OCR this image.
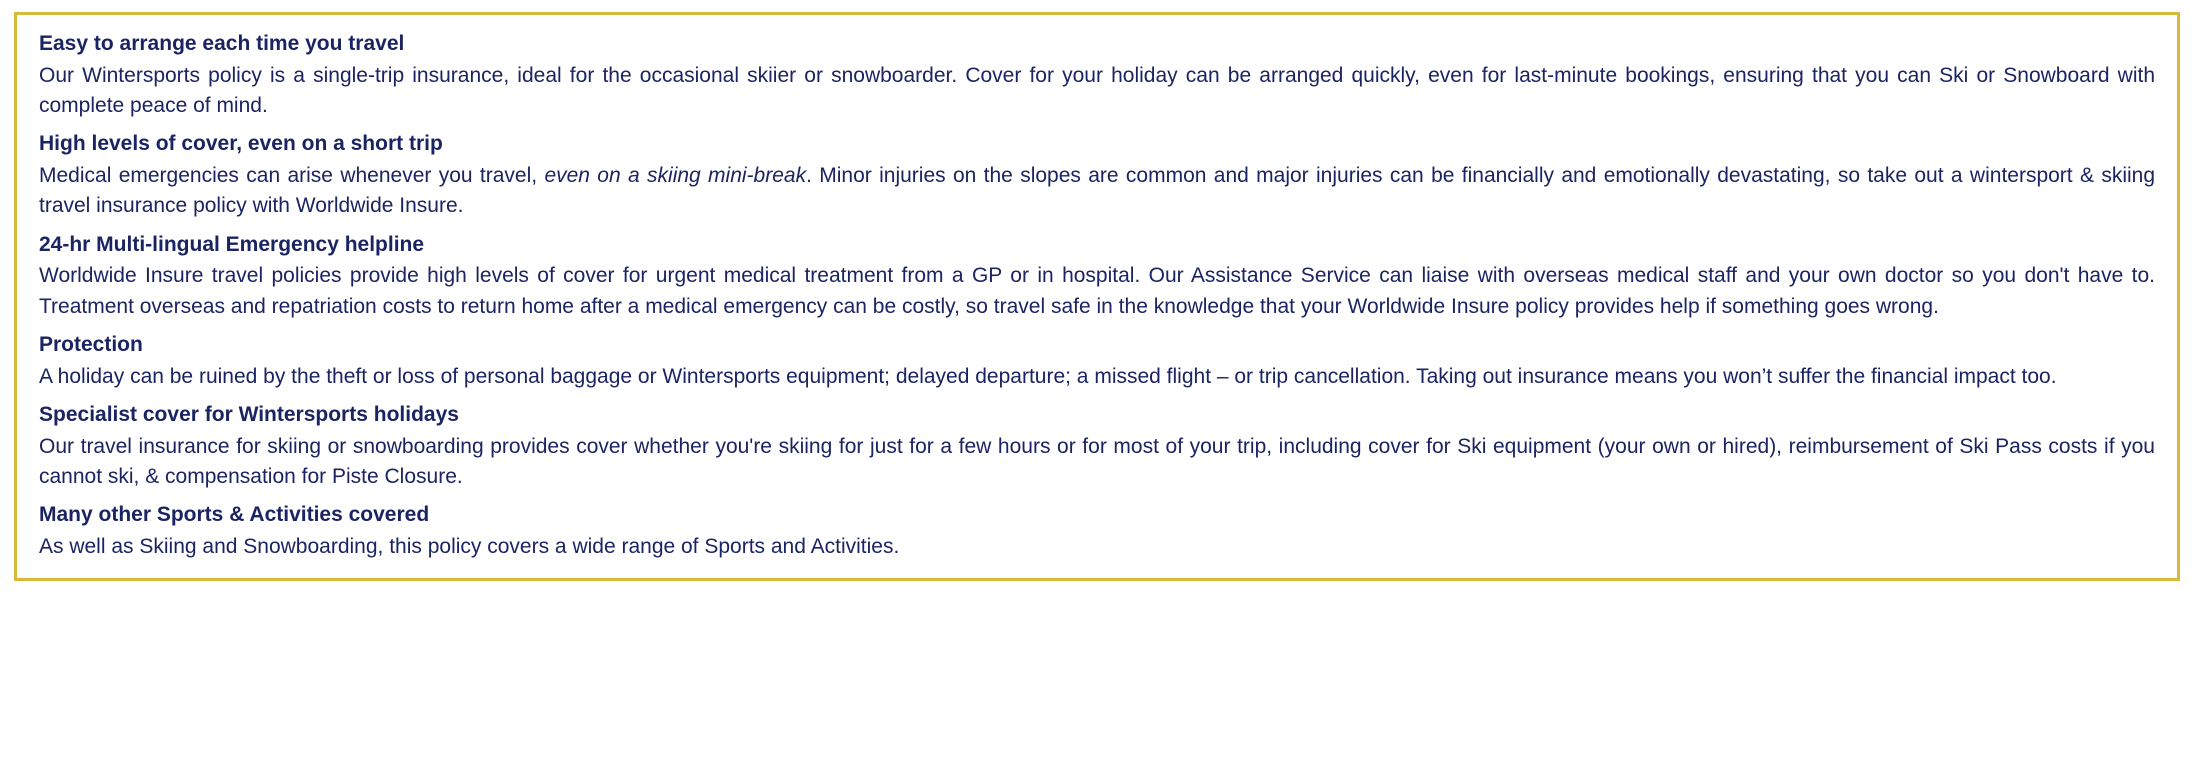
Easy to arrange each time you travel

Our Wintersports policy is a single-trip insurance, ideal for the occasional skiier or snowboarder. Cover for your holiday can be arranged quickly, even for last-minute bookings, ensuring that you can Ski or Snowboard with complete peace of mind.

High levels of cover, even on a short trip

Medical emergencies can arise whenever you travel, even on a skiing mini-break. Minor injuries on the slopes are common and major injuries can be financially and emotionally devastating, so take out a wintersport & skiing travel insurance policy with Worldwide Insure.

24-hr Multi-lingual Emergency helpline

Worldwide Insure travel policies provide high levels of cover for urgent medical treatment from a GP or in hospital. Our Assistance Service can liaise with overseas medical staff and your own doctor so you don't have to. Treatment overseas and repatriation costs to return home after a medical emergency can be costly, so travel safe in the knowledge that your Worldwide Insure policy provides help if something goes wrong.

Protection

A holiday can be ruined by the theft or loss of personal baggage or Wintersports equipment; delayed departure; a missed flight – or trip cancellation. Taking out insurance means you won’t suffer the financial impact too.

Specialist cover for Wintersports holidays

Our travel insurance for skiing or snowboarding provides cover whether you're skiing for just for a few hours or for most of your trip, including cover for Ski equipment (your own or hired), reimbursement of Ski Pass costs if you cannot ski, & compensation for Piste Closure.

Many other Sports & Activities covered

As well as Skiing and Snowboarding, this policy covers a wide range of Sports and Activities.
